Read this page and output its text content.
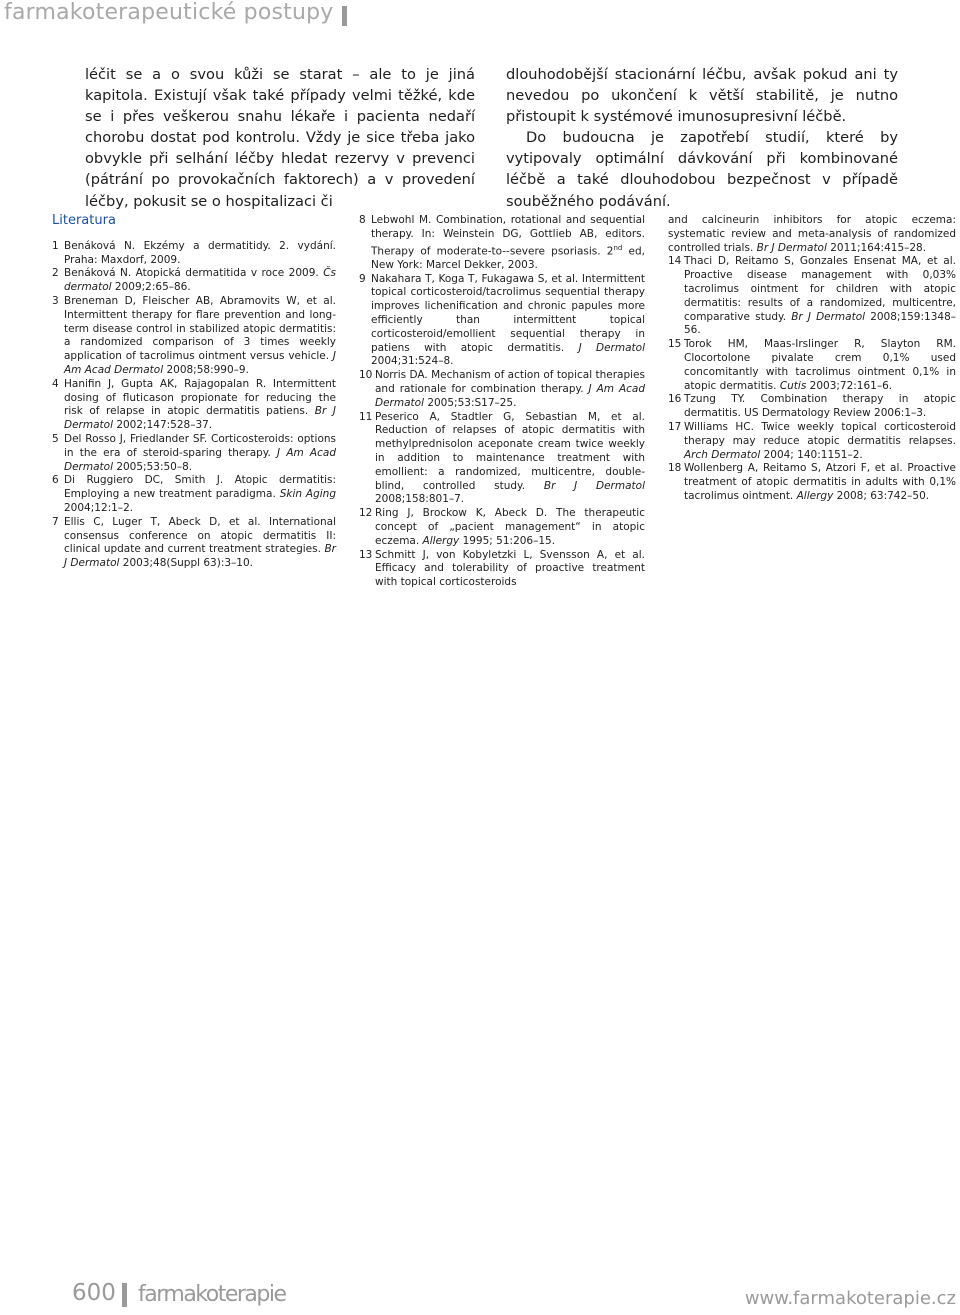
farmakoterapeutické postupy

léčit se a o svou kůži se starat – ale to je jiná kapitola. Existují však také případy velmi těžké, kde se i přes veškerou snahu lékaře i pacienta nedaří chorobu dostat pod kontrolu. Vždy je sice třeba jako obvykle při selhání léčby hledat rezervy v prevenci (pátrání po provokačních faktorech) a v provedení léčby, pokusit se o hospitalizaci či

dlouhodobější stacionární léčbu, avšak pokud ani ty nevedou po ukončení k větší stabilitě, je nutno přistoupit k systémové imunosupresivní léčbě.

Do budoucna je zapotřebí studií, které by vytipovaly optimální dávkování při kombinované léčbě a také dlouhodobou bezpečnost v případě souběžného podávání.

Literatura
1 Benáková N. Ekzémy a dermatitidy. 2. vydání. Praha: Maxdorf, 2009.
2 Benáková N. Atopická dermatitida v roce 2009. Čs dermatol 2009;2:65–86.
3 Breneman D, Fleischer AB, Abramovits W, et al. Intermittent therapy for flare prevention and long-term disease control in stabilized atopic dermatitis: a randomized comparison of 3 times weekly application of tacrolimus ointment versus vehicle. J Am Acad Dermatol 2008;58:990–9.
4 Hanifin J, Gupta AK, Rajagopalan R. Intermittent dosing of fluticason propionate for reducing the risk of relapse in atopic dermatitis patiens. Br J Dermatol 2002;147:528–37.
5 Del Rosso J, Friedlander SF. Corticosteroids: options in the era of steroid-sparing therapy. J Am Acad Dermatol 2005;53:50–8.
6 Di Ruggiero DC, Smith J. Atopic dermatitis: Employing a new treatment paradigma. Skin Aging 2004;12:1–2.
7 Ellis C, Luger T, Abeck D, et al. International consensus conference on atopic dermatitis II: clinical update and current treatment strategies. Br J Dermatol 2003;48(Suppl 63):3–10.
8 Lebwohl M. Combination, rotational and sequential therapy. In: Weinstein DG, Gottlieb AB, editors. Therapy of moderate-to--severe psoriasis. 2nd ed, New York: Marcel Dekker, 2003.
9 Nakahara T, Koga T, Fukagawa S, et al. Intermittent topical corticosteroid/tacrolimus sequential therapy improves lichenification and chronic papules more efficiently than intermittent topical corticosteroid/emollient sequential therapy in patiens with atopic dermatitis. J Dermatol 2004;31:524–8.
10 Norris DA. Mechanism of action of topical therapies and rationale for combination therapy. J Am Acad Dermatol 2005;53:S17–25.
11 Peserico A, Stadtler G, Sebastian M, et al. Reduction of relapses of atopic dermatitis with methylprednisolon aceponate cream twice weekly in addition to maintenance treatment with emollient: a randomized, multicentre, double-blind, controlled study. Br J Dermatol 2008;158:801–7.
12 Ring J, Brockow K, Abeck D. The therapeutic concept of „pacient management“ in atopic eczema. Allergy 1995; 51:206–15.
13 Schmitt J, von Kobyletzki L, Svensson A, et al. Efficacy and tolerability of proactive treatment with topical corticosteroids
and calcineurin inhibitors for atopic eczema: systematic review and meta-analysis of randomized controlled trials. Br J Dermatol 2011;164:415–28.
14 Thaci D, Reitamo S, Gonzales Ensenat MA, et al. Proactive disease management with 0,03% tacrolimus ointment for children with atopic dermatitis: results of a randomized, multicentre, comparative study. Br J Dermatol 2008;159:1348–56.
15 Torok HM, Maas-Irslinger R, Slayton RM. Clocortolone pivalate crem 0,1% used concomitantly with tacrolimus ointment 0,1% in atopic dermatitis. Cutis 2003;72:161–6.
16 Tzung TY. Combination therapy in atopic dermatitis. US Dermatology Review 2006:1–3.
17 Williams HC. Twice weekly topical corticosteroid therapy may reduce atopic dermatitis relapses. Arch Dermatol 2004; 140:1151–2.
18 Wollenberg A, Reitamo S, Atzori F, et al. Proactive treatment of atopic dermatitis in adults with 0,1% tacrolimus ointment. Allergy 2008; 63:742–50.
600 farmakoterapie	www.farmakoterapie.cz
